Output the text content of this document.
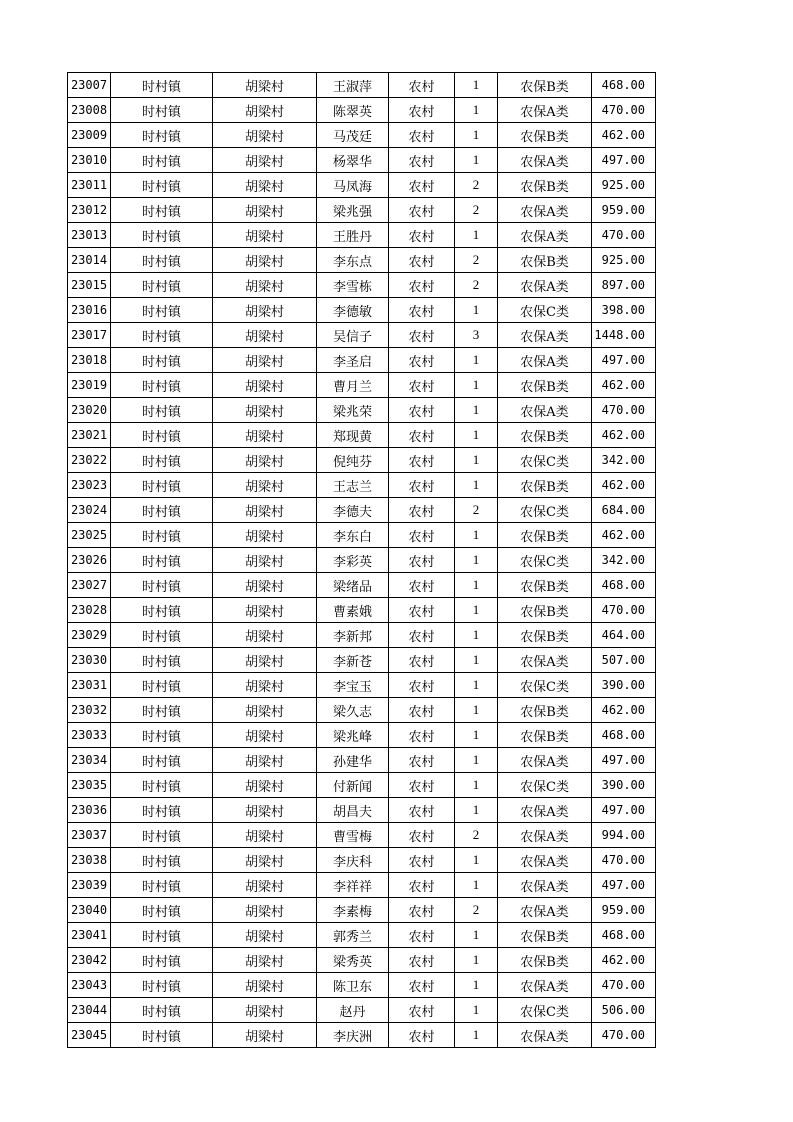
23007	时村镇	胡梁村	王淑萍	农村	1	农保B类	468.00
23008	时村镇	胡梁村	陈翠英	农村	1	农保A类	470.00
23009	时村镇	胡梁村	马茂廷	农村	1	农保B类	462.00
23010	时村镇	胡梁村	杨翠华	农村	1	农保A类	497.00
23011	时村镇	胡梁村	马凤海	农村	2	农保B类	925.00
23012	时村镇	胡梁村	梁兆强	农村	2	农保A类	959.00
23013	时村镇	胡梁村	王胜丹	农村	1	农保A类	470.00
23014	时村镇	胡梁村	李东点	农村	2	农保B类	925.00
23015	时村镇	胡梁村	李雪栋	农村	2	农保A类	897.00
23016	时村镇	胡梁村	李德敏	农村	1	农保C类	398.00
23017	时村镇	胡梁村	吴信子	农村	3	农保A类	1448.00
23018	时村镇	胡梁村	李圣启	农村	1	农保A类	497.00
23019	时村镇	胡梁村	曹月兰	农村	1	农保B类	462.00
23020	时村镇	胡梁村	梁兆荣	农村	1	农保A类	470.00
23021	时村镇	胡梁村	郑现黄	农村	1	农保B类	462.00
23022	时村镇	胡梁村	倪纯芬	农村	1	农保C类	342.00
23023	时村镇	胡梁村	王志兰	农村	1	农保B类	462.00
23024	时村镇	胡梁村	李德夫	农村	2	农保C类	684.00
23025	时村镇	胡梁村	李东白	农村	1	农保B类	462.00
23026	时村镇	胡梁村	李彩英	农村	1	农保C类	342.00
23027	时村镇	胡梁村	梁绪品	农村	1	农保B类	468.00
23028	时村镇	胡梁村	曹素娥	农村	1	农保B类	470.00
23029	时村镇	胡梁村	李新邦	农村	1	农保B类	464.00
23030	时村镇	胡梁村	李新苍	农村	1	农保A类	507.00
23031	时村镇	胡梁村	李宝玉	农村	1	农保C类	390.00
23032	时村镇	胡梁村	梁久志	农村	1	农保B类	462.00
23033	时村镇	胡梁村	梁兆峰	农村	1	农保B类	468.00
23034	时村镇	胡梁村	孙建华	农村	1	农保A类	497.00
23035	时村镇	胡梁村	付新闻	农村	1	农保C类	390.00
23036	时村镇	胡梁村	胡昌夫	农村	1	农保A类	497.00
23037	时村镇	胡梁村	曹雪梅	农村	2	农保A类	994.00
23038	时村镇	胡梁村	李庆科	农村	1	农保A类	470.00
23039	时村镇	胡梁村	李祥祥	农村	1	农保A类	497.00
23040	时村镇	胡梁村	李素梅	农村	2	农保A类	959.00
23041	时村镇	胡梁村	郭秀兰	农村	1	农保B类	468.00
23042	时村镇	胡梁村	梁秀英	农村	1	农保B类	462.00
23043	时村镇	胡梁村	陈卫东	农村	1	农保A类	470.00
23044	时村镇	胡梁村	赵丹	农村	1	农保C类	506.00
23045	时村镇	胡梁村	李庆洲	农村	1	农保A类	470.00
